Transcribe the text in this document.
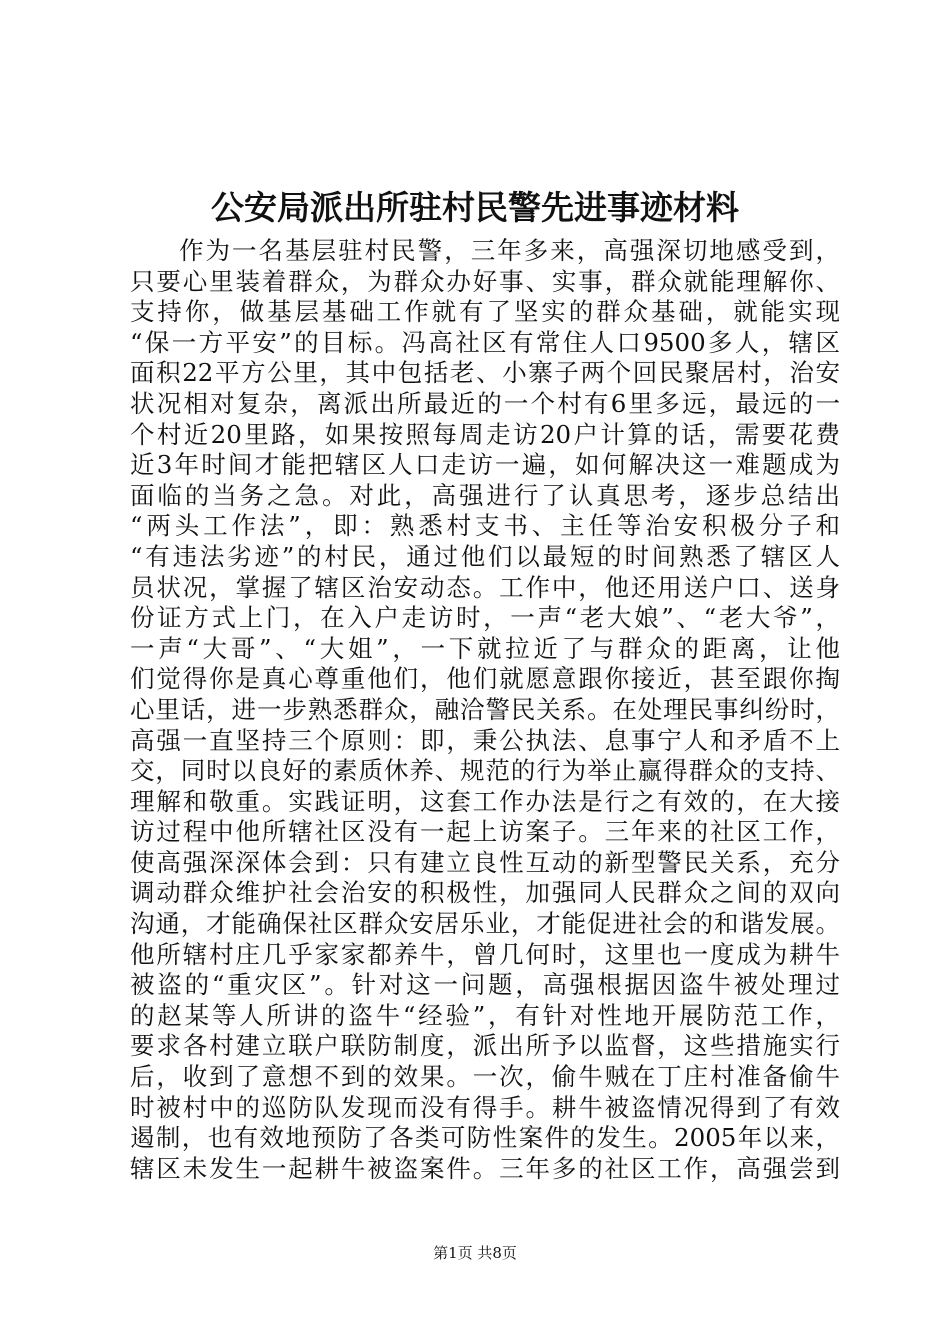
公安局派出所驻村民警先进事迹材料
作为一名基层驻村民警，三年多来，高强深切地感受到，
只要心里装着群众，为群众办好事、实事，群众就能理解你、
支持你，做基层基础工作就有了坚实的群众基础，就能实现
“保一方平安”的目标。冯高社区有常住人口9500多人，辖区
面积22平方公里，其中包括老、小寨子两个回民聚居村，治安
状况相对复杂，离派出所最近的一个村有6里多远，最远的一
个村近20里路，如果按照每周走访20户计算的话，需要花费
近3年时间才能把辖区人口走访一遍，如何解决这一难题成为
面临的当务之急。对此，高强进行了认真思考，逐步总结出
“两头工作法”，即：熟悉村支书、主任等治安积极分子和
“有违法劣迹”的村民，通过他们以最短的时间熟悉了辖区人
员状况，掌握了辖区治安动态。工作中，他还用送户口、送身
份证方式上门，在入户走访时，一声“老大娘”、“老大爷”，
一声“大哥”、“大姐”，一下就拉近了与群众的距离，让他
们觉得你是真心尊重他们，他们就愿意跟你接近，甚至跟你掏
心里话，进一步熟悉群众，融洽警民关系。在处理民事纠纷时，
高强一直坚持三个原则：即，秉公执法、息事宁人和矛盾不上
交，同时以良好的素质休养、规范的行为举止赢得群众的支持、
理解和敬重。实践证明，这套工作办法是行之有效的，在大接
访过程中他所辖社区没有一起上访案子。三年来的社区工作，
使高强深深体会到：只有建立良性互动的新型警民关系，充分
调动群众维护社会治安的积极性，加强同人民群众之间的双向
沟通，才能确保社区群众安居乐业，才能促进社会的和谐发展。
他所辖村庄几乎家家都养牛，曾几何时，这里也一度成为耕牛
被盗的“重灾区”。针对这一问题，高强根据因盗牛被处理过
的赵某等人所讲的盗牛“经验”，有针对性地开展防范工作，
要求各村建立联户联防制度，派出所予以监督，这些措施实行
后，收到了意想不到的效果。一次，偷牛贼在丁庄村准备偷牛
时被村中的巡防队发现而没有得手。耕牛被盗情况得到了有效
遏制，也有效地预防了各类可防性案件的发生。2005年以来，
辖区未发生一起耕牛被盗案件。三年多的社区工作，高强尝到
第1页 共8页
